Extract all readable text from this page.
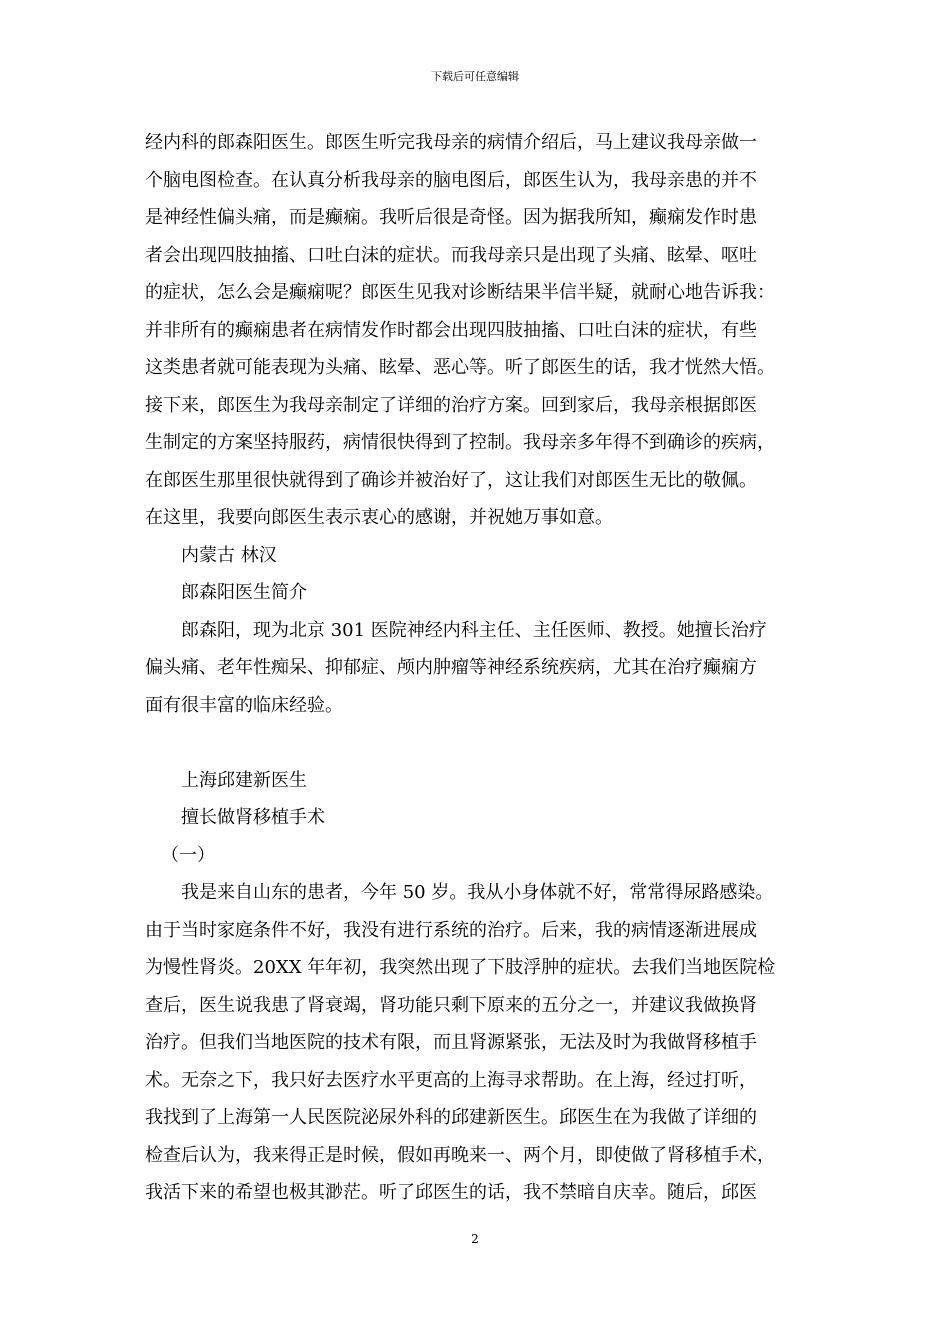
下载后可任意编辑

经内科的郎森阳医生。郎医生听完我母亲的病情介绍后，马上建议我母亲做一

个脑电图检查。在认真分析我母亲的脑电图后，郎医生认为，我母亲患的并不

是神经性偏头痛，而是癫痫。我听后很是奇怪。因为据我所知，癫痫发作时患

者会出现四肢抽搐、口吐白沫的症状。而我母亲只是出现了头痛、眩晕、呕吐

的症状，怎么会是癫痫呢？郎医生见我对诊断结果半信半疑，就耐心地告诉我：

并非所有的癫痫患者在病情发作时都会出现四肢抽搐、口吐白沫的症状，有些

这类患者就可能表现为头痛、眩晕、恶心等。听了郎医生的话，我才恍然大悟。

接下来，郎医生为我母亲制定了详细的治疗方案。回到家后，我母亲根据郎医

生制定的方案坚持服药，病情很快得到了控制。我母亲多年得不到确诊的疾病，

在郎医生那里很快就得到了确诊并被治好了，这让我们对郎医生无比的敬佩。

在这里，我要向郎医生表示衷心的感谢，并祝她万事如意。

内蒙古 林汉

郎森阳医生简介

郎森阳，现为北京 301 医院神经内科主任、主任医师、教授。她擅长治疗

偏头痛、老年性痴呆、抑郁症、颅内肿瘤等神经系统疾病，尤其在治疗癫痫方

面有很丰富的临床经验。

上海邱建新医生

擅长做肾移植手术

（一）

我是来自山东的患者，今年 50 岁。我从小身体就不好，常常得尿路感染。

由于当时家庭条件不好，我没有进行系统的治疗。后来，我的病情逐渐进展成

为慢性肾炎。20XX 年年初，我突然出现了下肢浮肿的症状。去我们当地医院检

查后，医生说我患了肾衰竭，肾功能只剩下原来的五分之一，并建议我做换肾

治疗。但我们当地医院的技术有限，而且肾源紧张，无法及时为我做肾移植手

术。无奈之下，我只好去医疗水平更高的上海寻求帮助。在上海，经过打听，

我找到了上海第一人民医院泌尿外科的邱建新医生。邱医生在为我做了详细的

检查后认为，我来得正是时候，假如再晚来一、两个月，即使做了肾移植手术，

我活下来的希望也极其渺茫。听了邱医生的话，我不禁暗自庆幸。随后，邱医

2
